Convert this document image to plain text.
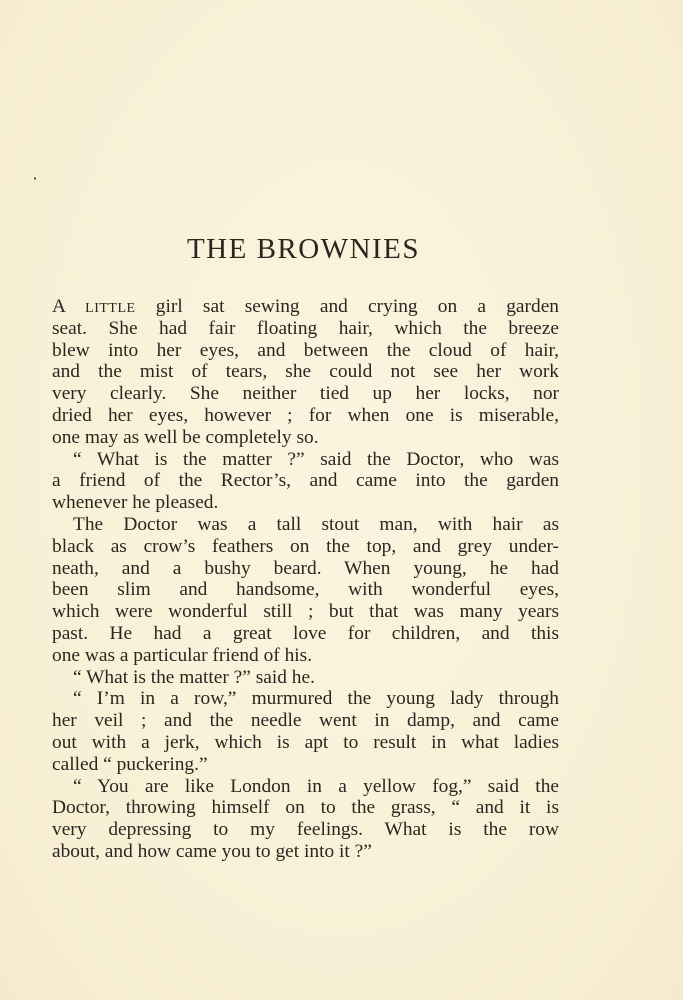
THE BROWNIES
A little girl sat sewing and crying on a garden
seat. She had fair floating hair, which the breeze
blew into her eyes, and between the cloud of hair,
and the mist of tears, she could not see her work
very clearly. She neither tied up her locks, nor
dried her eyes, however ; for when one is miserable,
one may as well be completely so.
“ What is the matter ?” said the Doctor, who was
a friend of the Rector’s, and came into the garden
whenever he pleased.
The Doctor was a tall stout man, with hair as
black as crow’s feathers on the top, and grey under-
neath, and a bushy beard. When young, he had
been slim and handsome, with wonderful eyes,
which were wonderful still ; but that was many years
past. He had a great love for children, and this
one was a particular friend of his.
“ What is the matter ?” said he.
“ I’m in a row,” murmured the young lady through
her veil ; and the needle went in damp, and came
out with a jerk, which is apt to result in what ladies
called “ puckering.”
“ You are like London in a yellow fog,” said the
Doctor, throwing himself on to the grass, “ and it is
very depressing to my feelings. What is the row
about, and how came you to get into it ?”
